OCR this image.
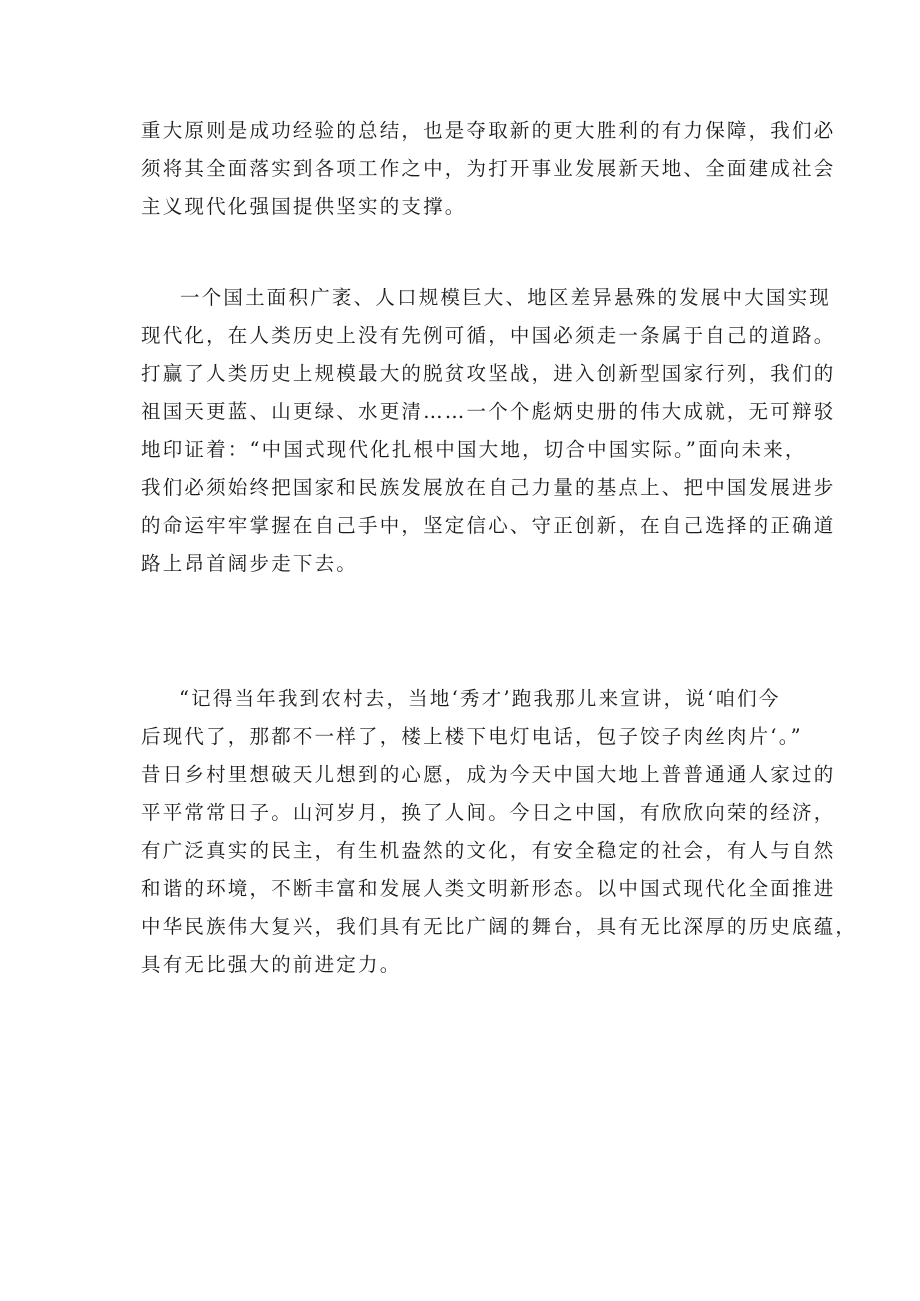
重大原则是成功经验的总结，也是夺取新的更大胜利的有力保障，我们必
须将其全面落实到各项工作之中，为打开事业发展新天地、全面建成社会
主义现代化强国提供坚实的支撑。
一个国土面积广袤、人口规模巨大、地区差异悬殊的发展中大国实现
现代化，在人类历史上没有先例可循，中国必须走一条属于自己的道路。
打赢了人类历史上规模最大的脱贫攻坚战，进入创新型国家行列，我们的
祖国天更蓝、山更绿、水更清……一个个彪炳史册的伟大成就，无可辩驳
地印证着：“中国式现代化扎根中国大地，切合中国实际。”面向未来，
我们必须始终把国家和民族发展放在自己力量的基点上、把中国发展进步
的命运牢牢掌握在自己手中，坚定信心、守正创新，在自己选择的正确道
路上昂首阔步走下去。
“记得当年我到农村去，当地‘秀才’跑我那儿来宣讲，说‘咱们今
后现代了，那都不一样了，楼上楼下电灯电话，包子饺子肉丝肉片‘。”
昔日乡村里想破天儿想到的心愿，成为今天中国大地上普普通通人家过的
平平常常日子。山河岁月，换了人间。今日之中国，有欣欣向荣的经济，
有广泛真实的民主，有生机盎然的文化，有安全稳定的社会，有人与自然
和谐的环境，不断丰富和发展人类文明新形态。以中国式现代化全面推进
中华民族伟大复兴，我们具有无比广阔的舞台，具有无比深厚的历史底蕴，
具有无比强大的前进定力。
